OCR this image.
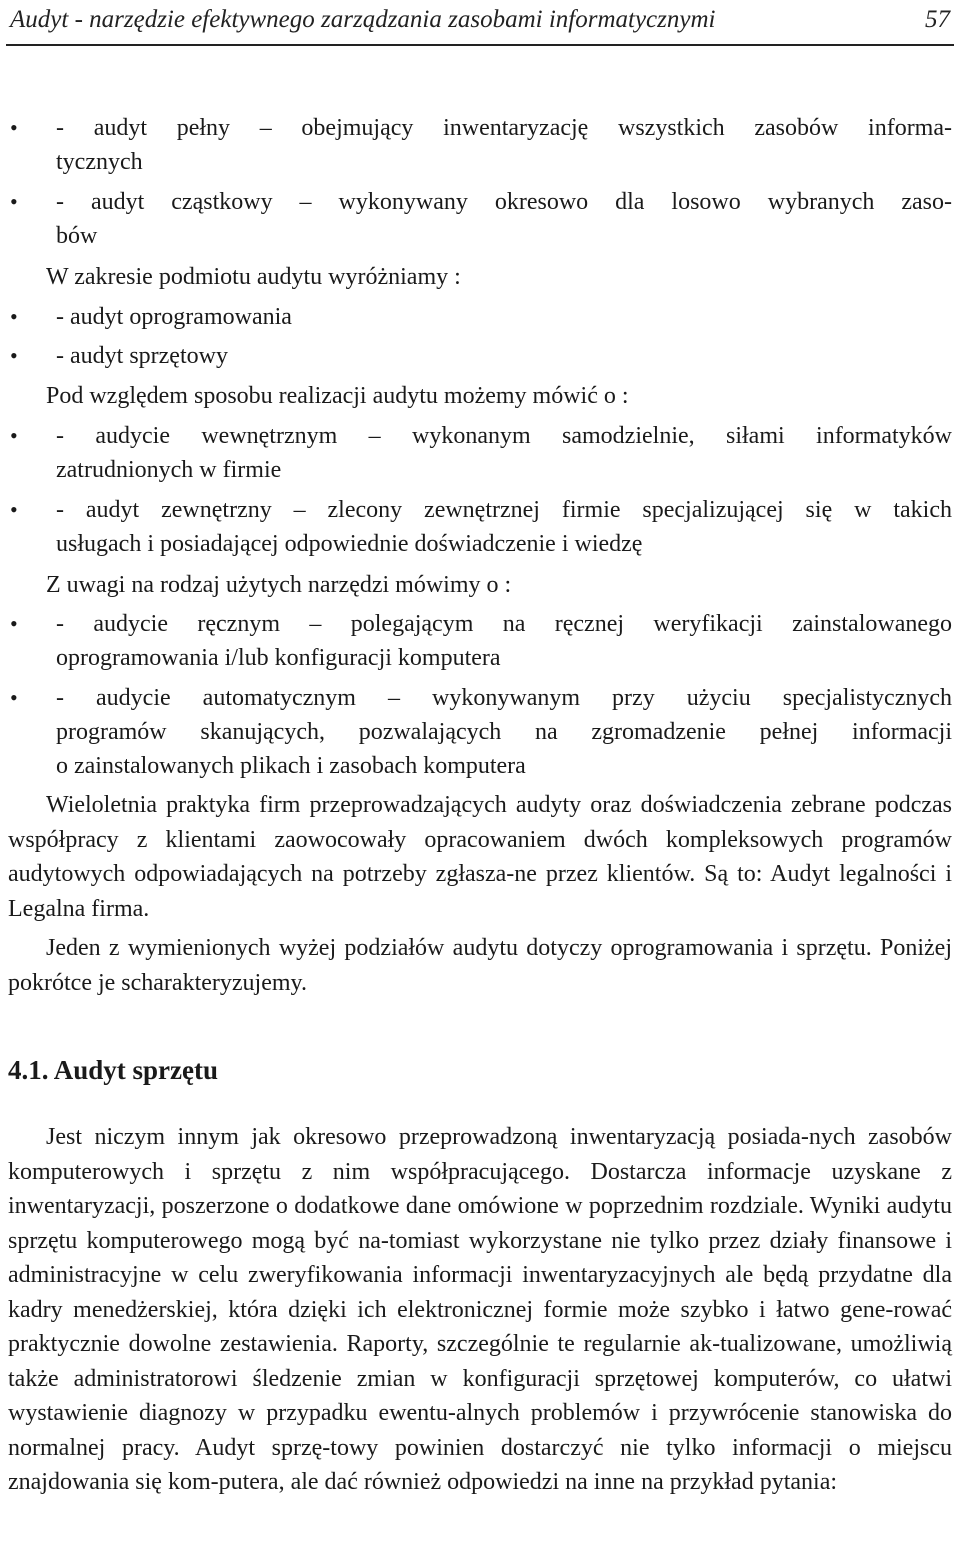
Audyt - narzędzie efektywnego zarządzania zasobami informatycznymi	57
• - audyt pełny – obejmujący inwentaryzację wszystkich zasobów informa-
tycznych
• - audyt cząstkowy – wykonywany okresowo dla losowo wybranych zaso-
bów
W zakresie podmiotu audytu wyróżniamy :
• - audyt oprogramowania
• - audyt sprzętowy
Pod względem sposobu realizacji audytu możemy mówić o :
• - audycie wewnętrznym – wykonanym samodzielnie, siłami informatyków
zatrudnionych w firmie
• - audyt zewnętrzny – zlecony zewnętrznej firmie specjalizującej się w takich
usługach i posiadającej odpowiednie doświadczenie i wiedzę
Z uwagi na rodzaj użytych narzędzi mówimy o :
• - audycie ręcznym – polegającym na ręcznej weryfikacji zainstalowanego
oprogramowania i/lub konfiguracji komputera
• - audycie automatycznym – wykonywanym przy użyciu specjalistycznych
programów skanujących, pozwalających na zgromadzenie pełnej informacji
o zainstalowanych plikach i zasobach komputera
Wieloletnia praktyka firm przeprowadzających audyty oraz doświadczenia zebrane podczas współpracy z klientami zaowocowały opracowaniem dwóch kompleksowych programów audytowych odpowiadających na potrzeby zgłasza-ne przez klientów. Są to: Audyt legalności i Legalna firma.
Jeden z wymienionych wyżej podziałów audytu dotyczy oprogramowania i sprzętu. Poniżej pokrótce je scharakteryzujemy.
4.1. Audyt sprzętu
Jest niczym innym jak okresowo przeprowadzoną inwentaryzacją posiada-nych zasobów komputerowych i sprzętu z nim współpracującego. Dostarcza informacje uzyskane z inwentaryzacji, poszerzone o dodatkowe dane omówione w poprzednim rozdziale. Wyniki audytu sprzętu komputerowego mogą być na-tomiast wykorzystane nie tylko przez działy finansowe i administracyjne w celu zweryfikowania informacji inwentaryzacyjnych ale będą przydatne dla kadry menedżerskiej, która dzięki ich elektronicznej formie może szybko i łatwo gene-rować praktycznie dowolne zestawienia. Raporty, szczególnie te regularnie ak-tualizowane, umożliwią także administratorowi śledzenie zmian w konfiguracji sprzętowej komputerów, co ułatwi wystawienie diagnozy w przypadku ewentu-alnych problemów i przywrócenie stanowiska do normalnej pracy. Audyt sprzę-towy powinien dostarczyć nie tylko informacji o miejscu znajdowania się kom-putera, ale dać również odpowiedzi na inne na przykład pytania:
